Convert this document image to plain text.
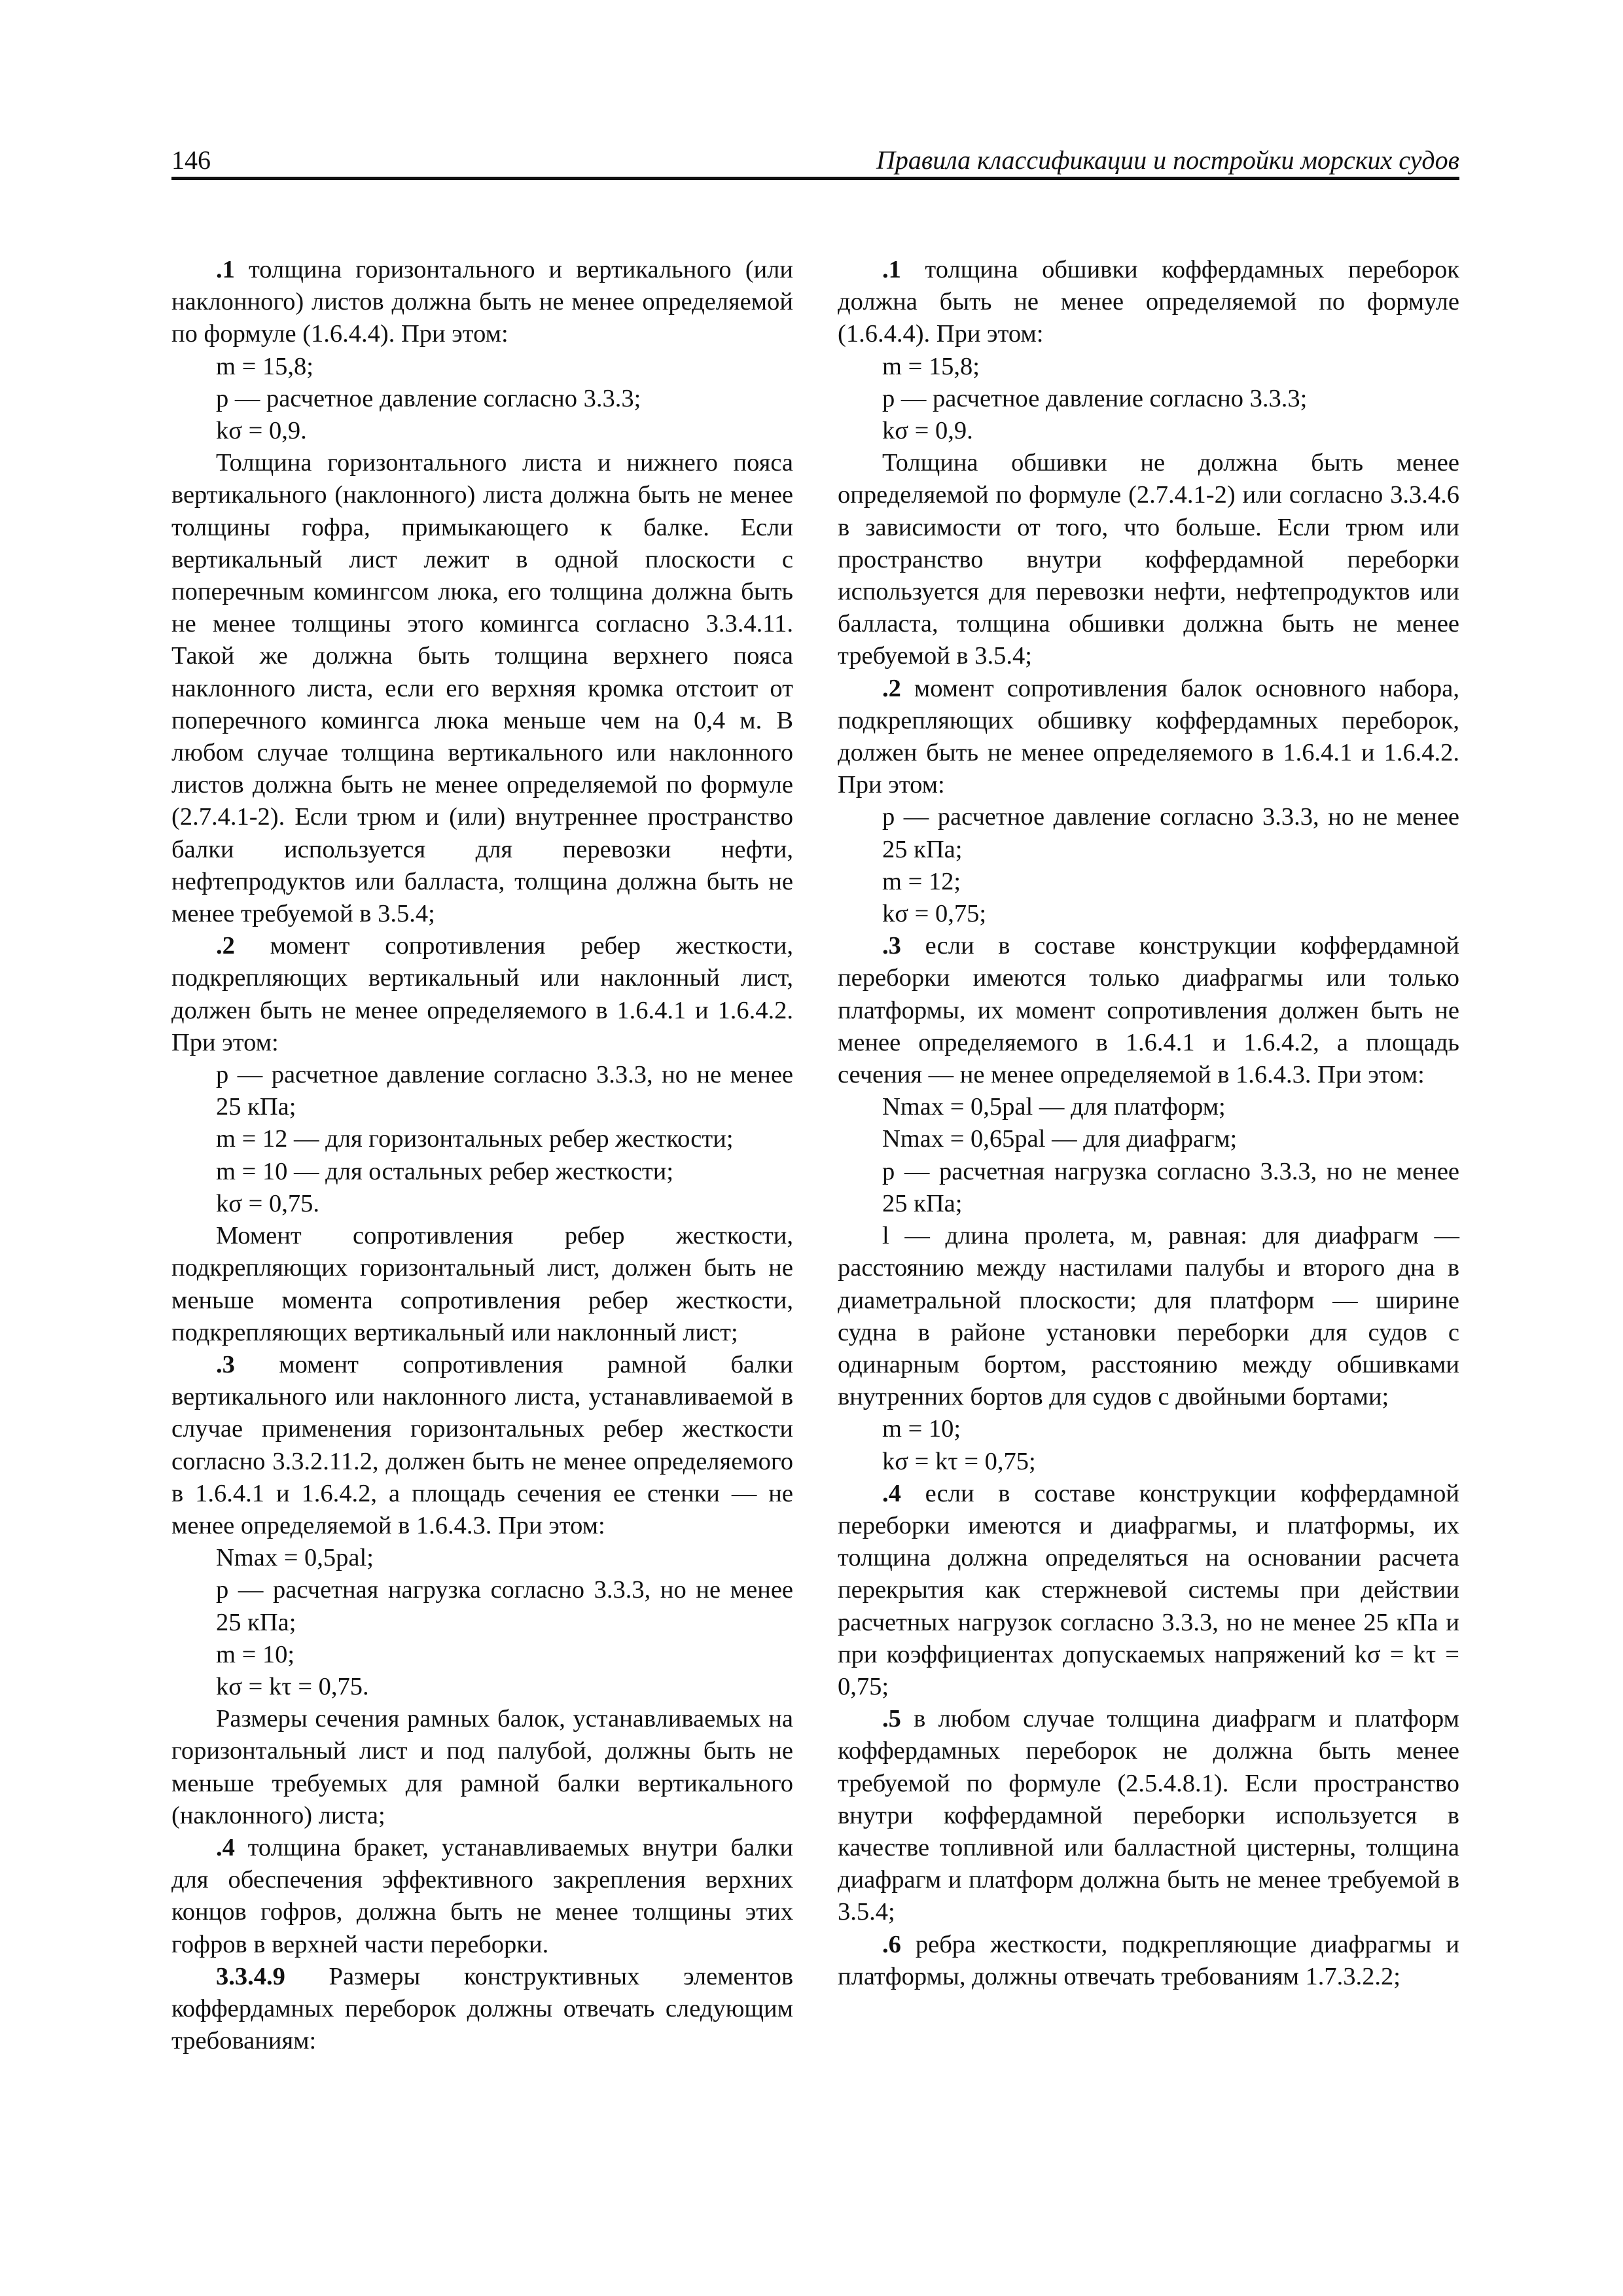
146	Правила классификации и постройки морских судов

.1 толщина горизонтального и вертикального (или наклонного) листов должна быть не менее определяемой по формуле (1.6.4.4). При этом:

m = 15,8;

p — расчетное давление согласно 3.3.3;

kσ = 0,9.

Толщина горизонтального листа и нижнего пояса вертикального (наклонного) листа должна быть не менее толщины гофра, примыкающего к балке. Если вертикальный лист лежит в одной плоскости с поперечным комингсом люка, его толщина должна быть не менее толщины этого комингса согласно 3.3.4.11. Такой же должна быть толщина верхнего пояса наклонного листа, если его верхняя кромка отстоит от поперечного комингса люка меньше чем на 0,4 м. В любом случае толщина вертикального или наклонного листов должна быть не менее определяемой по формуле (2.7.4.1-2). Если трюм и (или) внутреннее пространство балки используется для перевозки нефти, нефтепродуктов или балласта, толщина должна быть не менее требуемой в 3.5.4;

.2 момент сопротивления ребер жесткости, подкрепляющих вертикальный или наклонный лист, должен быть не менее определяемого в 1.6.4.1 и 1.6.4.2. При этом:

p — расчетное давление согласно 3.3.3, но не менее 25 кПа;

m = 12 — для горизонтальных ребер жесткости;

m = 10 — для остальных ребер жесткости;

kσ = 0,75.

Момент сопротивления ребер жесткости, подкрепляющих горизонтальный лист, должен быть не меньше момента сопротивления ребер жесткости, подкрепляющих вертикальный или наклонный лист;

.3 момент сопротивления рамной балки вертикального или наклонного листа, устанавливаемой в случае применения горизонтальных ребер жесткости согласно 3.3.2.11.2, должен быть не менее определяемого в 1.6.4.1 и 1.6.4.2, а площадь сечения ее стенки — не менее определяемой в 1.6.4.3. При этом:

Nmax = 0,5pal;

p — расчетная нагрузка согласно 3.3.3, но не менее 25 кПа;

m = 10;

kσ = kτ = 0,75.

Размеры сечения рамных балок, устанавливаемых на горизонтальный лист и под палубой, должны быть не меньше требуемых для рамной балки вертикального (наклонного) листа;

.4 толщина бракет, устанавливаемых внутри балки для обеспечения эффективного закрепления верхних концов гофров, должна быть не менее толщины этих гофров в верхней части переборки.

3.3.4.9 Размеры конструктивных элементов коффердамных переборок должны отвечать следующим требованиям:

.1 толщина обшивки коффердамных переборок должна быть не менее определяемой по формуле (1.6.4.4). При этом:

m = 15,8;

p — расчетное давление согласно 3.3.3;

kσ = 0,9.

Толщина обшивки не должна быть менее определяемой по формуле (2.7.4.1-2) или согласно 3.3.4.6 в зависимости от того, что больше. Если трюм или пространство внутри коффердамной переборки используется для перевозки нефти, нефтепродуктов или балласта, толщина обшивки должна быть не менее требуемой в 3.5.4;

.2 момент сопротивления балок основного набора, подкрепляющих обшивку коффердамных переборок, должен быть не менее определяемого в 1.6.4.1 и 1.6.4.2. При этом:

p — расчетное давление согласно 3.3.3, но не менее 25 кПа;

m = 12;

kσ = 0,75;

.3 если в составе конструкции коффердамной переборки имеются только диафрагмы или только платформы, их момент сопротивления должен быть не менее определяемого в 1.6.4.1 и 1.6.4.2, а площадь сечения — не менее определяемой в 1.6.4.3. При этом:

Nmax = 0,5pal — для платформ;

Nmax = 0,65pal — для диафрагм;

p — расчетная нагрузка согласно 3.3.3, но не менее 25 кПа;

l — длина пролета, м, равная: для диафрагм — расстоянию между настилами палубы и второго дна в диаметральной плоскости; для платформ — ширине судна в районе установки переборки для судов с одинарным бортом, расстоянию между обшивками внутренних бортов для судов с двойными бортами;

m = 10;

kσ = kτ = 0,75;

.4 если в составе конструкции коффердамной переборки имеются и диафрагмы, и платформы, их толщина должна определяться на основании расчета перекрытия как стержневой системы при действии расчетных нагрузок согласно 3.3.3, но не менее 25 кПа и при коэффициентах допускаемых напряжений kσ = kτ = 0,75;

.5 в любом случае толщина диафрагм и платформ коффердамных переборок не должна быть менее требуемой по формуле (2.5.4.8.1). Если пространство внутри коффердамной переборки используется в качестве топливной или балластной цистерны, толщина диафрагм и платформ должна быть не менее требуемой в 3.5.4;

.6 ребра жесткости, подкрепляющие диафрагмы и платформы, должны отвечать требованиям 1.7.3.2.2;
